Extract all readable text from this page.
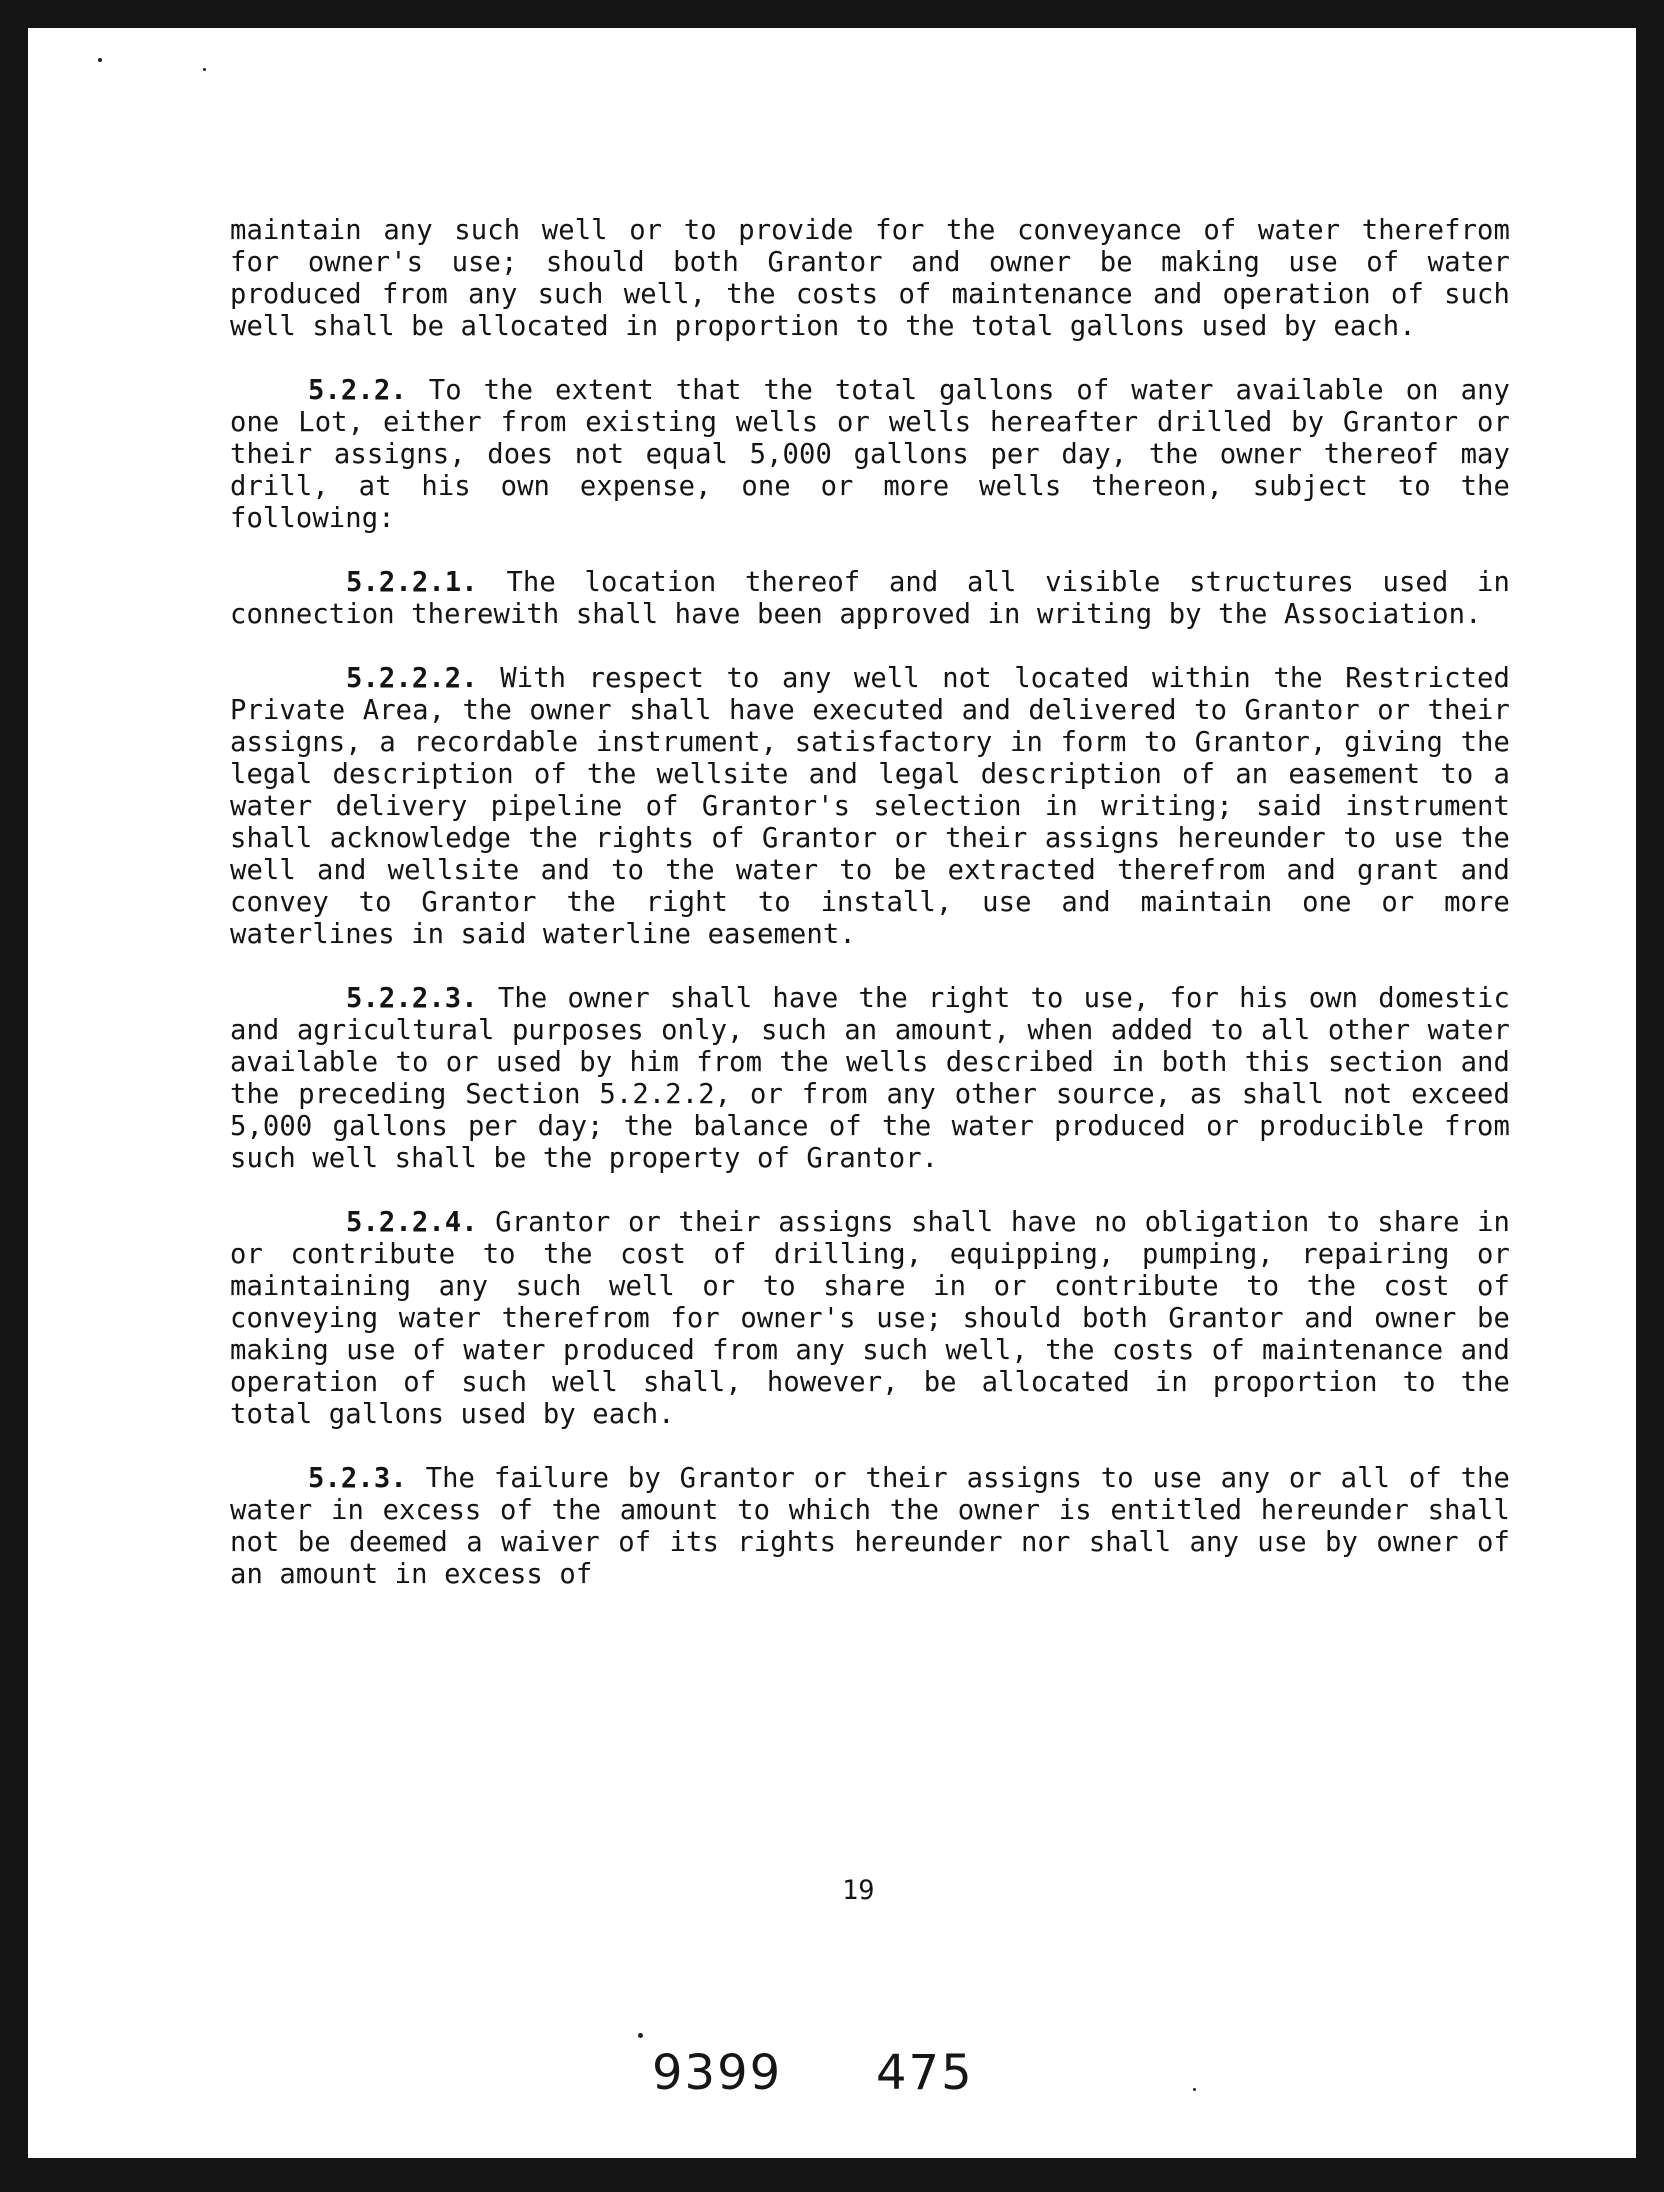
maintain any such well or to provide for the conveyance of water therefrom for owner's use; should both Grantor and owner be making use of water produced from any such well, the costs of maintenance and operation of such well shall be allocated in proportion to the total gallons used by each.

5.2.2. To the extent that the total gallons of water available on any one Lot, either from existing wells or wells hereafter drilled by Grantor or their assigns, does not equal 5,000 gallons per day, the owner thereof may drill, at his own expense, one or more wells thereon, subject to the following:

5.2.2.1. The location thereof and all visible structures used in connection therewith shall have been approved in writing by the Association.

5.2.2.2. With respect to any well not located within the Restricted Private Area, the owner shall have executed and delivered to Grantor or their assigns, a recordable instrument, satisfactory in form to Grantor, giving the legal description of the wellsite and legal description of an easement to a water delivery pipeline of Grantor's selection in writing; said instrument shall acknowledge the rights of Grantor or their assigns hereunder to use the well and wellsite and to the water to be extracted therefrom and grant and convey to Grantor the right to install, use and maintain one or more waterlines in said waterline easement.

5.2.2.3. The owner shall have the right to use, for his own domestic and agricultural purposes only, such an amount, when added to all other water available to or used by him from the wells described in both this section and the preceding Section 5.2.2.2, or from any other source, as shall not exceed 5,000 gallons per day; the balance of the water produced or producible from such well shall be the property of Grantor.

5.2.2.4. Grantor or their assigns shall have no obligation to share in or contribute to the cost of drilling, equipping, pumping, repairing or maintaining any such well or to share in or contribute to the cost of conveying water therefrom for owner's use; should both Grantor and owner be making use of water produced from any such well, the costs of maintenance and operation of such well shall, however, be allocated in proportion to the total gallons used by each.

5.2.3. The failure by Grantor or their assigns to use any or all of the water in excess of the amount to which the owner is entitled hereunder shall not be deemed a waiver of its rights hereunder nor shall any use by owner of an amount in excess of

19
9399 475
